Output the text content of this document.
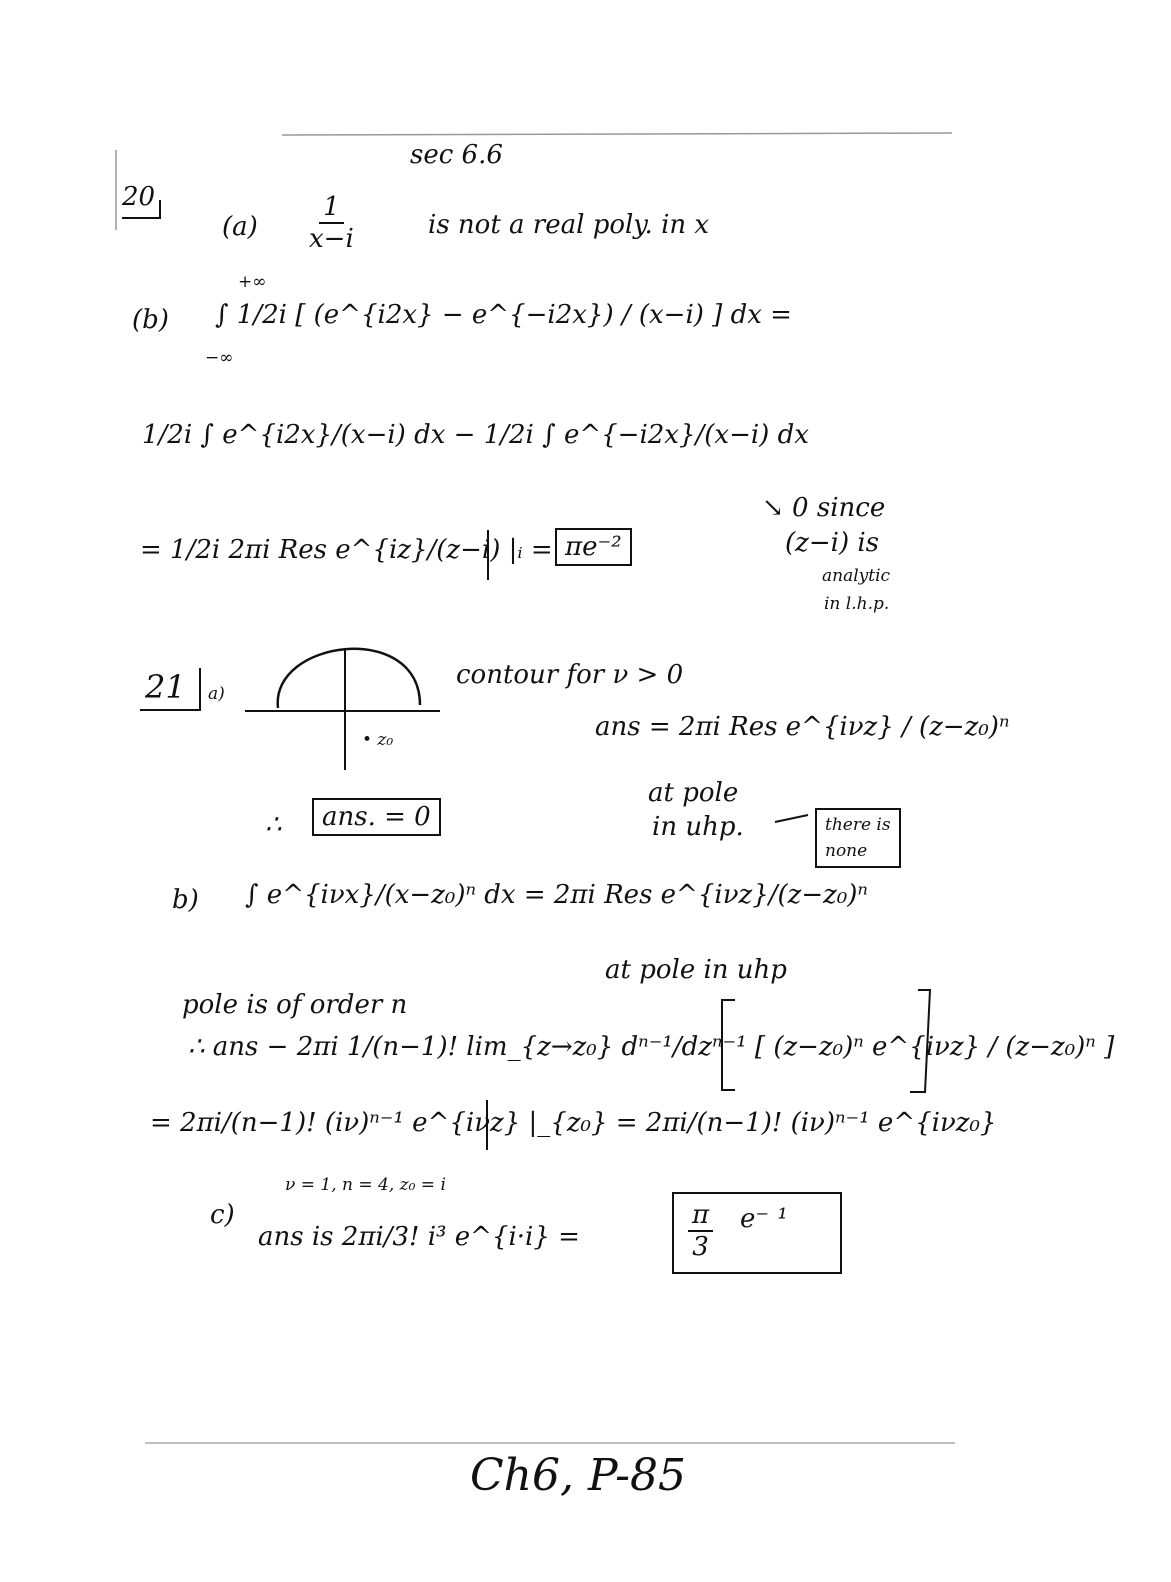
sec 6.6
20
$(a) \frac{1}{x-i}$	is not a real poly. in x
(b)
+∞
−∞
∫ 1/2i [ (e^{i2x} − e^{−i2x}) / (x−i) ] dx =
1/2i ∫ e^{i2x}/(x−i) dx − 1/2i ∫ e^{−i2x}/(x−i) dx
↘ 0 since
(z−i) is
analytic
in l.h.p.
= 1/2i 2πi Res e^{iz}/(z−i) |ᵢ = πe⁻²
21 a)
• z₀
contour for ν > 0
ans = 2πi Res e^{iνz} / (z−z₀)ⁿ
at pole
in uhp.	there is
none
∴	ans. = 0
b) ∫ e^{iνx}/(x−z₀)ⁿ dx = 2πi Res e^{iνz}/(z−z₀)ⁿ
at pole in uhp
pole is of order n
∴ ans − 2πi 1/(n−1)! lim_{z→z₀} dⁿ⁻¹/dzⁿ⁻¹ [ (z−z₀)ⁿ e^{iνz} / (z−z₀)ⁿ ]
= 2πi/(n−1)! (iν)ⁿ⁻¹ e^{iνz} |_{z₀} = 2πi/(n−1)! (iν)ⁿ⁻¹ e^{iνz₀}
c)
ν = 1, n = 4, z₀ = i
ans is 2πi/3! i³ e^{i·i} =	$\frac{\pi}{3} e^-$ ¹
Ch6, P-85
